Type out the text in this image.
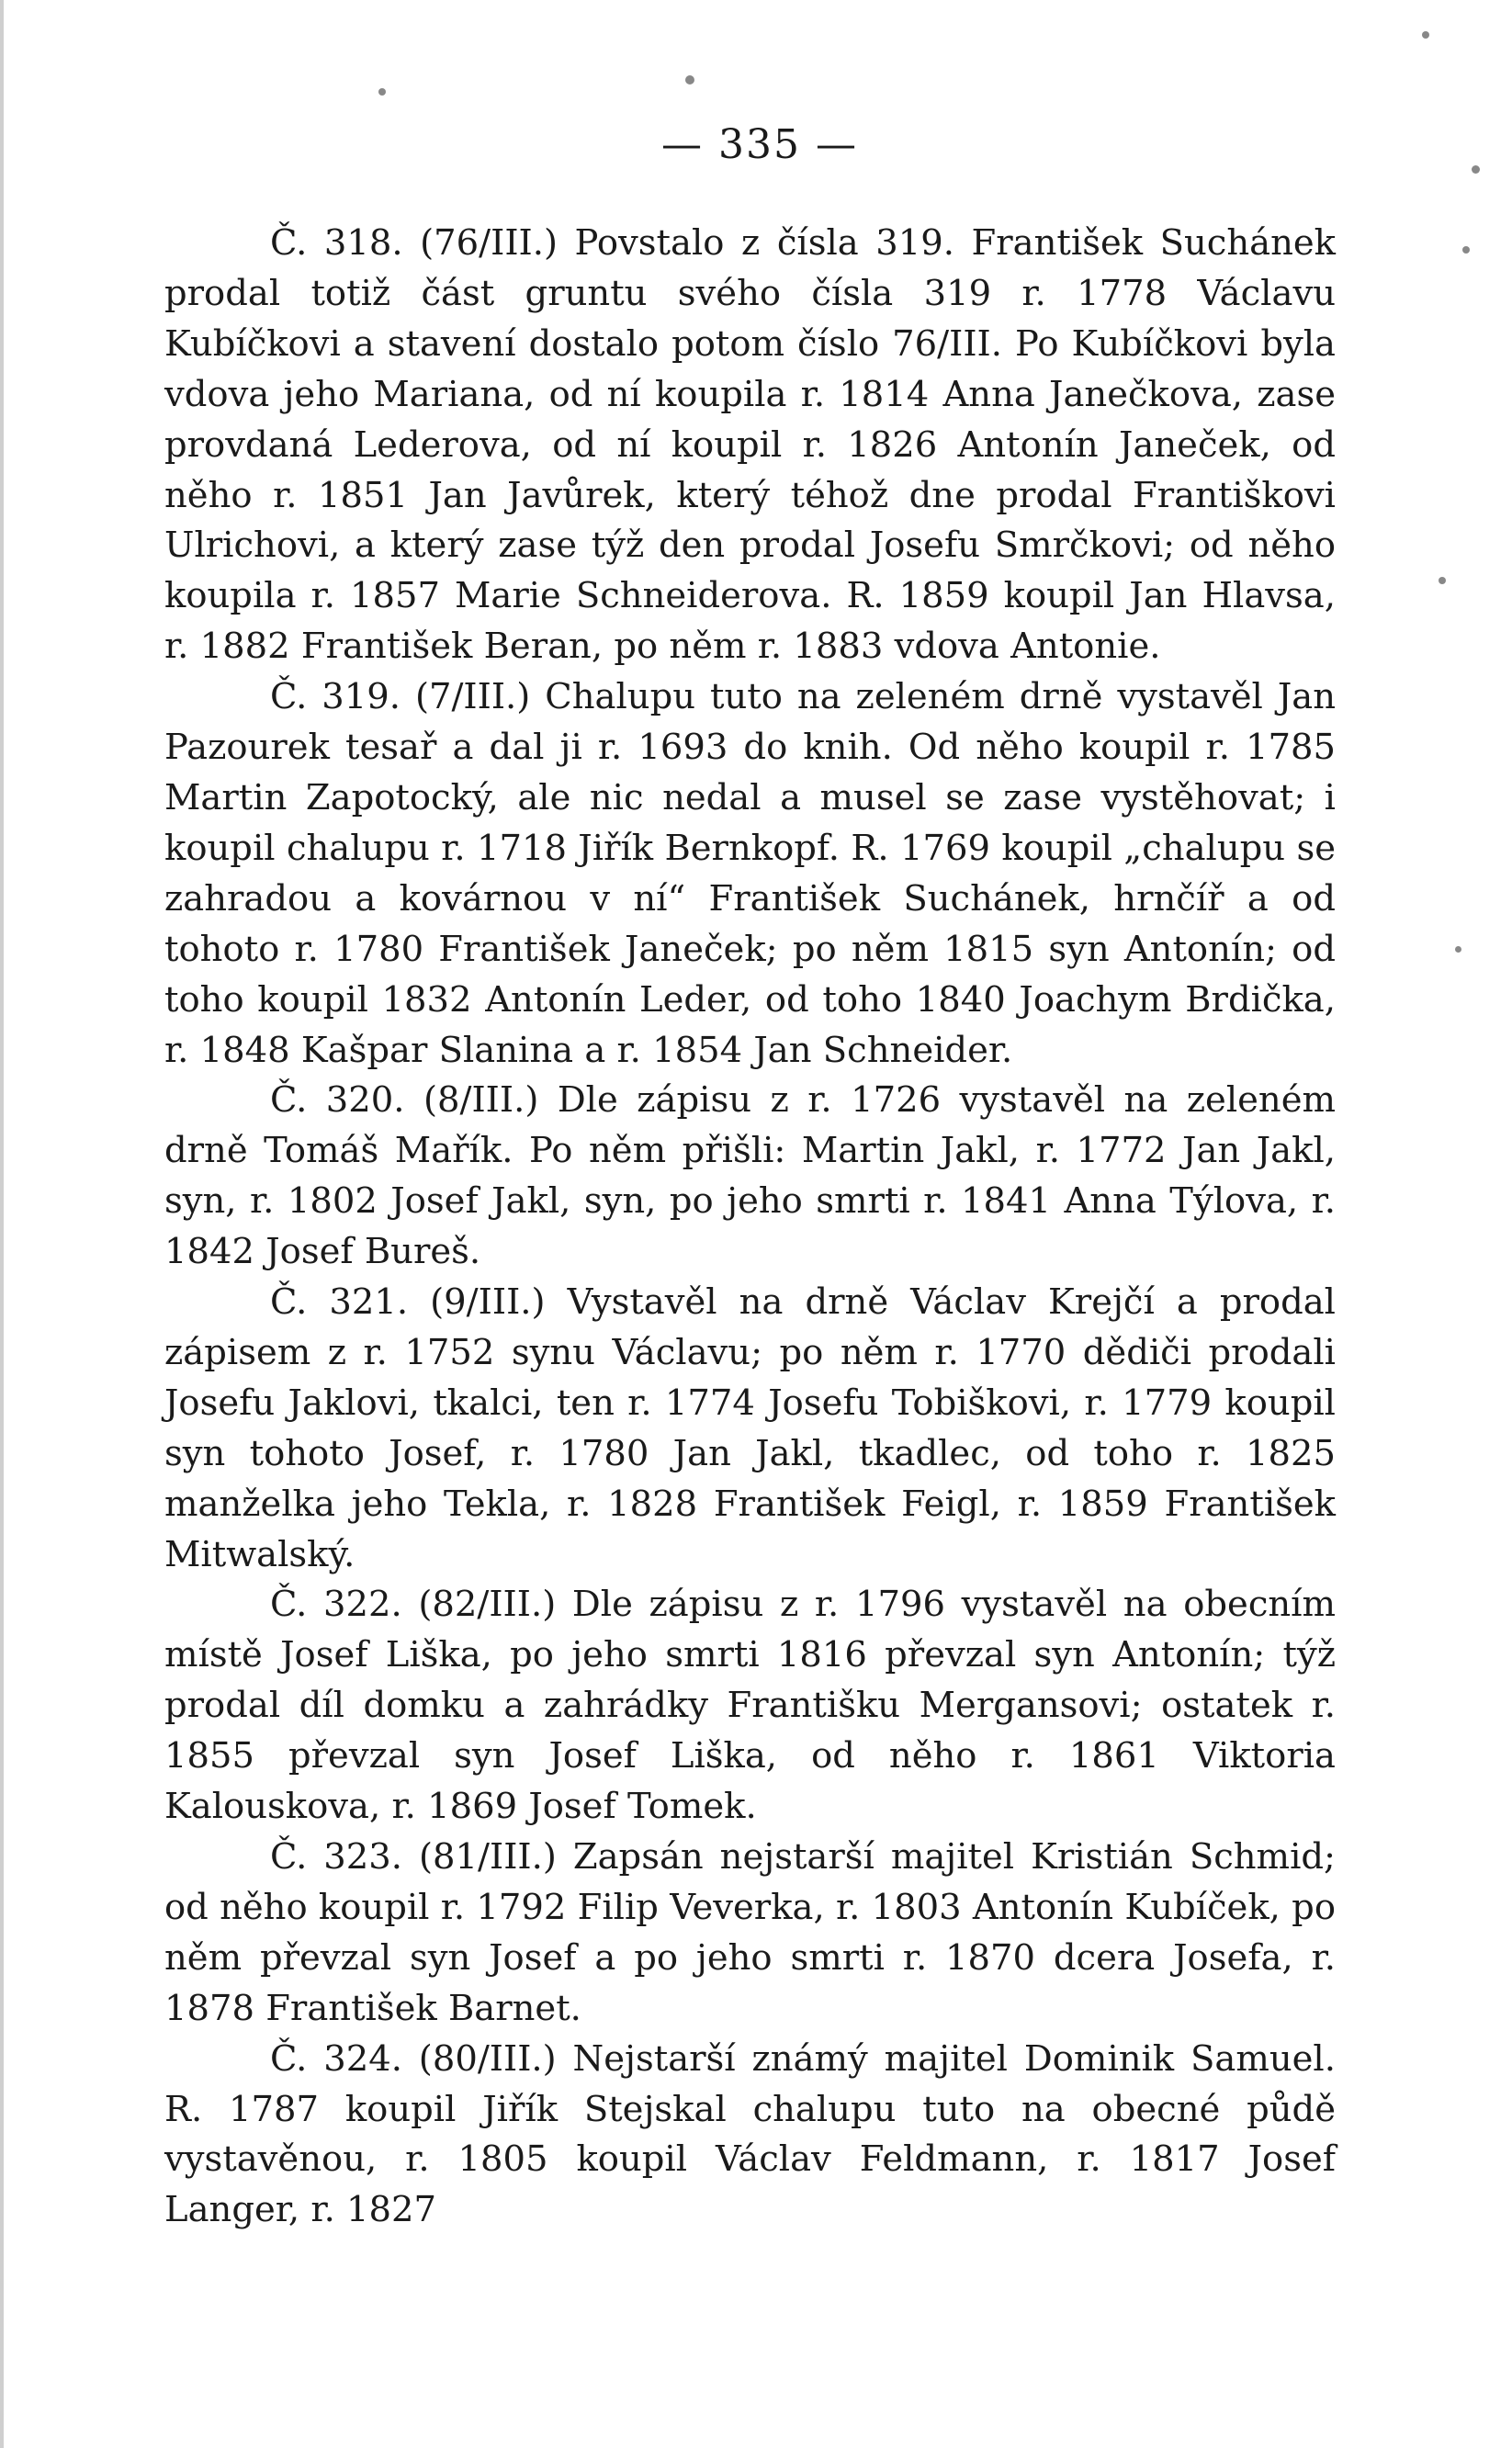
— 335 —

Č. 318. (76/III.) Povstalo z čísla 319. František Suchánek prodal totiž část gruntu svého čísla 319 r. 1778 Václavu Kubíčkovi a stavení dostalo potom číslo 76/III. Po Kubíčkovi byla vdova jeho Mariana, od ní koupila r. 1814 Anna Janečkova, zase provdaná Lederova, od ní koupil r. 1826 Antonín Janeček, od něho r. 1851 Jan Javůrek, který téhož dne prodal Františkovi Ulrichovi, a který zase týž den prodal Josefu Smrčkovi; od něho koupila r. 1857 Marie Schneiderova. R. 1859 koupil Jan Hlavsa, r. 1882 František Beran, po něm r. 1883 vdova Antonie.

Č. 319. (7/III.) Chalupu tuto na zeleném drně vystavěl Jan Pazourek tesař a dal ji r. 1693 do knih. Od něho koupil r. 1785 Martin Zapotocký, ale nic nedal a musel se zase vystěhovat; i koupil chalupu r. 1718 Jiřík Bernkopf. R. 1769 koupil „chalupu se zahradou a kovárnou v ní“ František Suchánek, hrnčíř a od tohoto r. 1780 František Janeček; po něm 1815 syn Antonín; od toho koupil 1832 Antonín Leder, od toho 1840 Joachym Brdička, r. 1848 Kašpar Slanina a r. 1854 Jan Schneider.

Č. 320. (8/III.) Dle zápisu z r. 1726 vystavěl na zeleném drně Tomáš Mařík. Po něm přišli: Martin Jakl, r. 1772 Jan Jakl, syn, r. 1802 Josef Jakl, syn, po jeho smrti r. 1841 Anna Týlova, r. 1842 Josef Bureš.

Č. 321. (9/III.) Vystavěl na drně Václav Krejčí a prodal zápisem z r. 1752 synu Václavu; po něm r. 1770 dědiči prodali Josefu Jaklovi, tkalci, ten r. 1774 Josefu Tobiškovi, r. 1779 koupil syn tohoto Josef, r. 1780 Jan Jakl, tkadlec, od toho r. 1825 manželka jeho Tekla, r. 1828 František Feigl, r. 1859 František Mitwalský.

Č. 322. (82/III.) Dle zápisu z r. 1796 vystavěl na obecním místě Josef Liška, po jeho smrti 1816 převzal syn Antonín; týž prodal díl domku a zahrádky Františku Mergansovi; ostatek r. 1855 převzal syn Josef Liška, od něho r. 1861 Viktoria Kalouskova, r. 1869 Josef Tomek.

Č. 323. (81/III.) Zapsán nejstarší majitel Kristián Schmid; od něho koupil r. 1792 Filip Veverka, r. 1803 Antonín Kubíček, po něm převzal syn Josef a po jeho smrti r. 1870 dcera Josefa, r. 1878 František Barnet.

Č. 324. (80/III.) Nejstarší známý majitel Dominik Samuel. R. 1787 koupil Jiřík Stejskal chalupu tuto na obecné půdě vystavěnou, r. 1805 koupil Václav Feldmann, r. 1817 Josef Langer, r. 1827
